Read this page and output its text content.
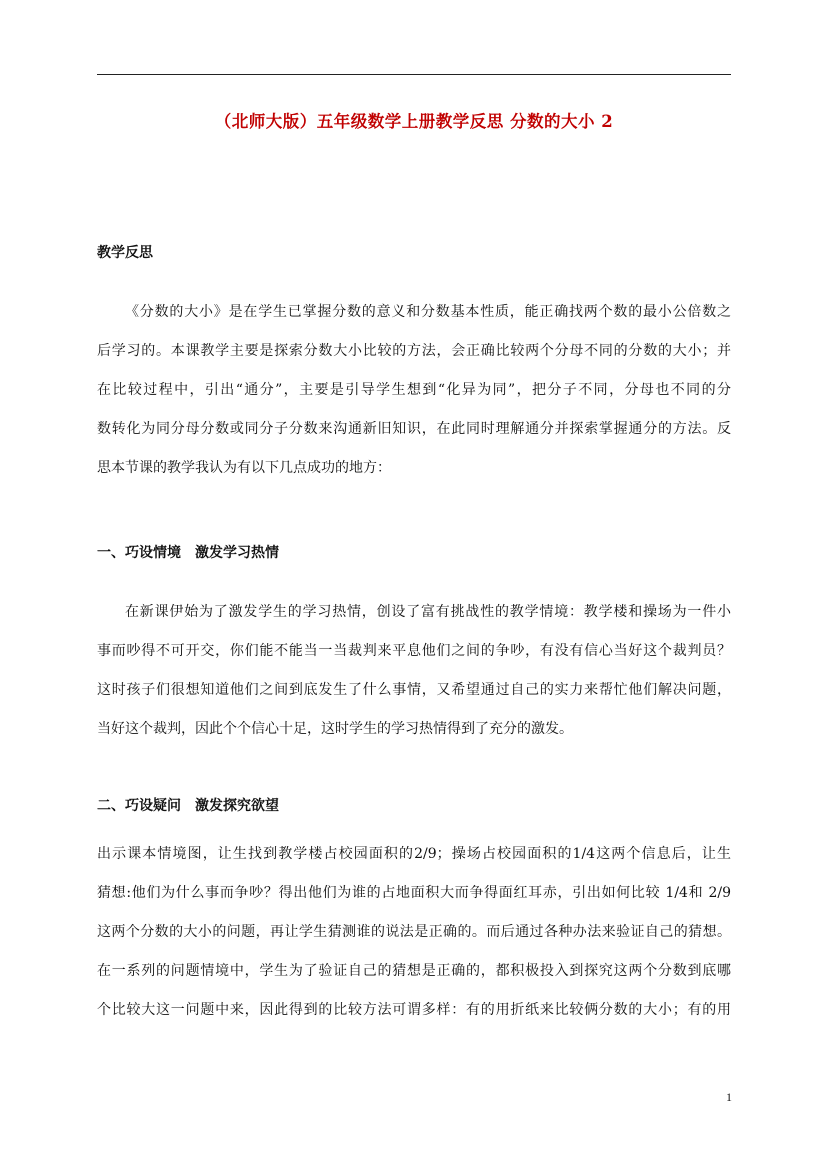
（北师大版）五年级数学上册教学反思 分数的大小 2
教学反思
《分数的大小》是在学生已掌握分数的意义和分数基本性质，能正确找两个数的最小公倍数之
后学习的。本课教学主要是探索分数大小比较的方法，会正确比较两个分母不同的分数的大小；并
在比较过程中，引出“通分”，主要是引导学生想到“化异为同”，把分子不同，分母也不同的分
数转化为同分母分数或同分子分数来沟通新旧知识，在此同时理解通分并探索掌握通分的方法。反
思本节课的教学我认为有以下几点成功的地方：
一、巧设情境　激发学习热情
在新课伊始为了激发学生的学习热情，创设了富有挑战性的教学情境：教学楼和操场为一件小
事而吵得不可开交，你们能不能当一当裁判来平息他们之间的争吵，有没有信心当好这个裁判员？
这时孩子们很想知道他们之间到底发生了什么事情，又希望通过自己的实力来帮忙他们解决问题，
当好这个裁判，因此个个信心十足，这时学生的学习热情得到了充分的激发。
二、巧设疑问　激发探究欲望
出示课本情境图，让生找到教学楼占校园面积的2/9；操场占校园面积的1/4这两个信息后，让生
猜想:他们为什么事而争吵？得出他们为谁的占地面积大而争得面红耳赤，引出如何比较 1/4和 2/9
这两个分数的大小的问题，再让学生猜测谁的说法是正确的。而后通过各种办法来验证自己的猜想。
在一系列的问题情境中，学生为了验证自己的猜想是正确的，都积极投入到探究这两个分数到底哪
个比较大这一问题中来，因此得到的比较方法可谓多样：有的用折纸来比较俩分数的大小；有的用
1
